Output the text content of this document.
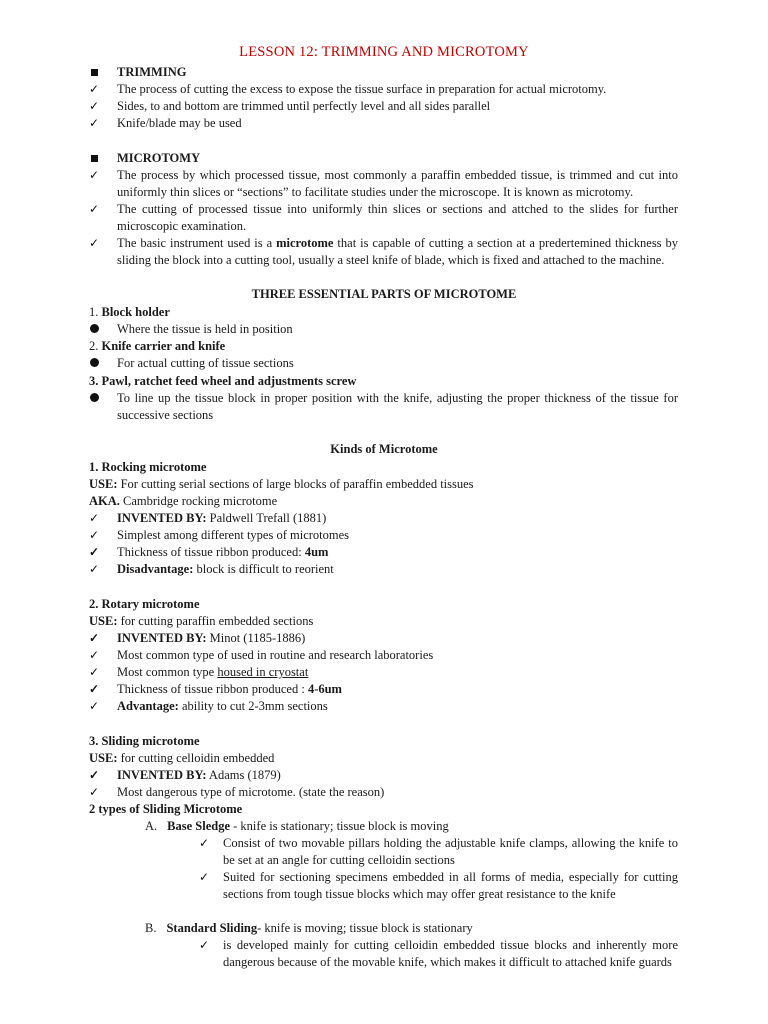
LESSON 12: TRIMMING AND MICROTOMY
TRIMMING
✓ The process of cutting the excess to expose the tissue surface in preparation for actual microtomy.
✓ Sides, to and bottom are trimmed until perfectly level and all sides parallel
✓ Knife/blade may be used
MICROTOMY
✓ The process by which processed tissue, most commonly a paraffin embedded tissue, is trimmed and cut into uniformly thin slices or “sections” to facilitate studies under the microscope. It is known as microtomy.
✓ The cutting of processed tissue into uniformly thin slices or sections and attched to the slides for further microscopic examination.
✓ The basic instrument used is a microtome that is capable of cutting a section at a predertemined thickness by sliding the block into a cutting tool, usually a steel knife of blade, which is fixed and attached to the machine.
THREE ESSENTIAL PARTS OF MICROTOME
1. Block holder
Where the tissue is held in position
2. Knife carrier and knife
For actual cutting of tissue sections
3. Pawl, ratchet feed wheel and adjustments screw
To line up the tissue block in proper position with the knife, adjusting the proper thickness of the tissue for successive sections
Kinds of Microtome
1. Rocking microtome
USE: For cutting serial sections of large blocks of paraffin embedded tissues
AKA. Cambridge rocking microtome
✓ INVENTED BY: Paldwell Trefall (1881)
✓ Simplest among different types of microtomes
✓ Thickness of tissue ribbon produced: 4um
✓ Disadvantage: block is difficult to reorient
2. Rotary microtome
USE: for cutting paraffin embedded sections
✓ INVENTED BY: Minot (1185-1886)
✓ Most common type of used in routine and research laboratories
✓ Most common type housed in cryostat
✓ Thickness of tissue ribbon produced : 4-6um
✓ Advantage: ability to cut 2-3mm sections
3. Sliding microtome
USE: for cutting celloidin embedded
✓ INVENTED BY: Adams (1879)
✓ Most dangerous type of microtome. (state the reason)
2 types of Sliding Microtome
A. Base Sledge - knife is stationary; tissue block is moving
✓ Consist of two movable pillars holding the adjustable knife clamps, allowing the knife to be set at an angle for cutting celloidin sections
✓ Suited for sectioning specimens embedded in all forms of media, especially for cutting sections from tough tissue blocks which may offer great resistance to the knife
B. Standard Sliding- knife is moving; tissue block is stationary
✓ is developed mainly for cutting celloidin embedded tissue blocks and inherently more dangerous because of the movable knife, which makes it difficult to attached knife guards
